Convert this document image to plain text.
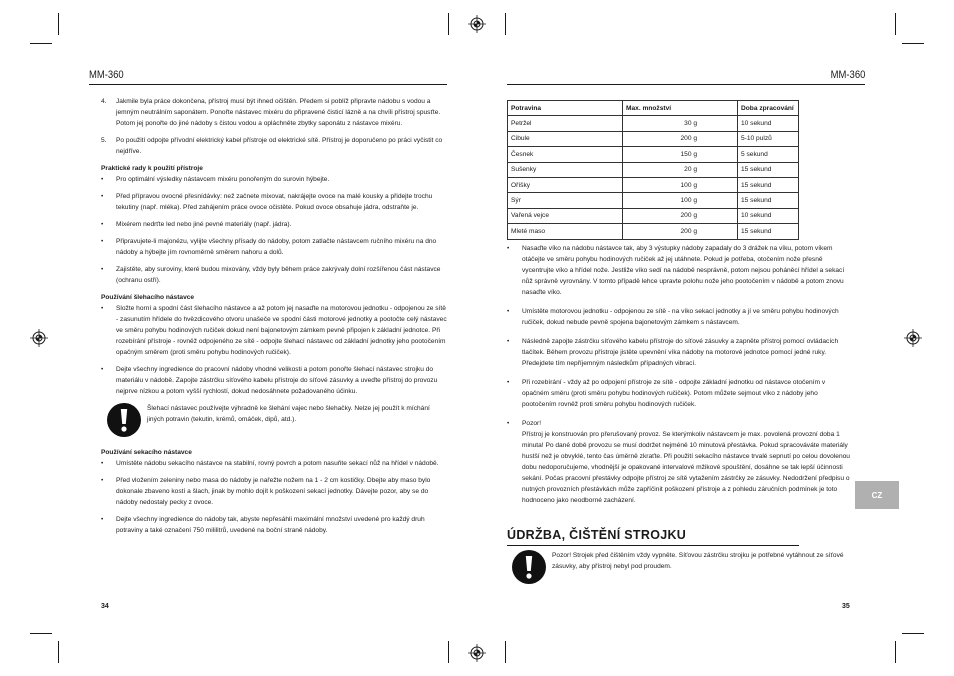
MM-360	MM-360
4. Jakmile byla práce dokončena, přístroj musí být ihned očištěn. Předem si poblíž připravte nádobu s vodou a jemným neutrálním saponátem. Ponořte nástavec mixéru do připravené čisticí lázně a na chvíli přístroj spusťte. Potom jej ponořte do jiné nádoby s čistou vodou a opláchněte zbytky saponátu z nástavce mixéru.

5. Po použití odpojte přívodní elektrický kabel přístroje od elektrické sítě. Přístroj je doporučeno po práci vyčistit co nejdříve.

Praktické rady k použití přístroje

• Pro optimální výsledky nástavcem mixéru ponořeným do surovin hýbejte.

• Před přípravou ovocné přesnídávky: než začnete mixovat, nakrájejte ovoce na malé kousky a přidejte trochu tekutiny (např. mléka). Před zahájením práce ovoce očistěte. Pokud ovoce obsahuje jádra, odstraňte je.

• Mixérem nedrťte led nebo jiné pevné materiály (např. jádra).

• Připravujete-li majonézu, vylijte všechny přísady do nádoby, potom zatlačte nástavcem ručního mixéru na dno nádoby a hýbejte jím rovnoměrně směrem nahoru a dolů.

• Zajistěte, aby suroviny, které budou mixovány, vždy byly během práce zakrývaly dolní rozšířenou část nástavce (ochranu ostří).

Používání šlehacího nástavce

• Složte horní a spodní část šlehacího nástavce a až potom jej nasaďte na motorovou jednotku - odpojenou ze sítě - zasunutím hřídele do hvězdicového otvoru unašeče ve spodní části motorové jednotky a pootočte celý nástavec ve směru pohybu hodinových ručiček dokud není bajonetovým zámkem pevně připojen k základní jednotce. Při rozebírání přístroje - rovněž odpojeného ze sítě - odpojte šlehací nástavec od základní jednotky jeho pootočením opačným směrem (proti směru pohybu hodinových ručiček).

• Dejte všechny ingredience do pracovní nádoby vhodné velikosti a potom ponořte šlehací nástavec strojku do materiálu v nádobě. Zapojte zástrčku síťového kabelu přístroje do síťové zásuvky a uveďte přístroj do provozu nejprve nízkou a potom vyšší rychlostí, dokud nedosáhnete požadovaného účinku.

Šlehací nástavec používejte výhradně ke šlehání vajec nebo šlehačky. Nelze jej použít k míchání jiných potravin (tekutin, krémů, omáček, dipů, atd.).

Používání sekacího nástavce

• Umístěte nádobu sekacího nástavce na stabilní, rovný povrch a potom nasuňte sekací nůž na hřídel v nádobě.

• Před vložením zeleniny nebo masa do nádoby je nařežte nožem na 1 - 2 cm kostičky. Dbejte aby maso bylo dokonale zbaveno kostí a šlach, jinak by mohlo dojít k poškození sekací jednotky. Dávejte pozor, aby se do nádoby nedostaly pecky z ovoce.

• Dejte všechny ingredience do nádoby tak, abyste nepřesáhli maximální množství uvedené pro každý druh potraviny a také označení 750 mililitrů, uvedené na boční straně nádoby.

34
Potravina	Max. množství	Doba zpracování
Petržel	30 g	10 sekund
Cibule	200 g	5-10 pulzů
Česnek	150 g	5 sekund
Sušenky	20 g	15 sekund
Oříšky	100 g	15 sekund
Sýr	100 g	15 sekund
Vařená vejce	200 g	10 sekund
Mleté maso	200 g	15 sekund
• Nasaďte víko na nádobu nástavce tak, aby 3 výstupky nádoby zapadaly do 3 drážek na víku, potom víkem otáčejte ve směru pohybu hodinových ručiček až jej utáhnete. Pokud je potřeba, otočením nože přesně vycentrujte víko a hřídel nože. Jestliže víko sedí na nádobě nesprávně, potom nejsou poháněcí hřídel a sekací nůž správně vyrovnány. V tomto případě lehce upravte polohu nože jeho pootočením v nádobě a potom znovu nasaďte víko.

• Umístěte motorovou jednotku - odpojenou ze sítě - na víko sekací jednotky a jí ve směru pohybu hodinových ručiček, dokud nebude pevně spojena bajonetovým zámkem s nástavcem.

• Následně zapojte zástrčku síťového kabelu přístroje do síťové zásuvky a zapněte přístroj pomocí ovládacích tlačítek. Během provozu přístroje jistěte upevnění víka nádoby na motorové jednotce pomocí jedné ruky. Předejdete tím nepříjemným následkům případných vibrací.

• Při rozebírání - vždy až po odpojení přístroje ze sítě - odpojte základní jednotku od nástavce otočením v opačném směru (proti směru pohybu hodinových ručiček). Potom můžete sejmout víko z nádoby jeho pootočením rovněž proti směru pohybu hodinových ručiček.

• Pozor!

Přístroj je konstruován pro přerušovaný provoz. Se kterýmkoliv nástavcem je max. povolená provozní doba 1 minuta! Po dané době provozu se musí dodržet nejméně 10 minutová přestávka. Pokud spracováváte materiály hustší než je obvyklé, tento čas úměrně zkraťte. Při použití sekacího nástavce trvalé sepnutí po celou dovolenou dobu nedoporučujeme, vhodnější je opakované intervalové mžikové spouštění, dosáhne se tak lepší účinnosti sekání. Počas pracovní přestávky odpojte přístroj ze sítě vytažením zástrčky ze zásuvky. Nedodržení předpisu o nutných provozních přestávkách může zapříčinit poškození přístroje a z pohledu záručních podmínek je toto hodnoceno jako neodborné zacházení.

ÚDRŽBA, ČIŠTĚNÍ STROJKU

Pozor! Strojek před čištěním vždy vypněte. Síťovou zástrčku strojku je potřebné vytáhnout ze síťové zásuvky, aby přístroj nebyl pod proudem.

CZ
35
